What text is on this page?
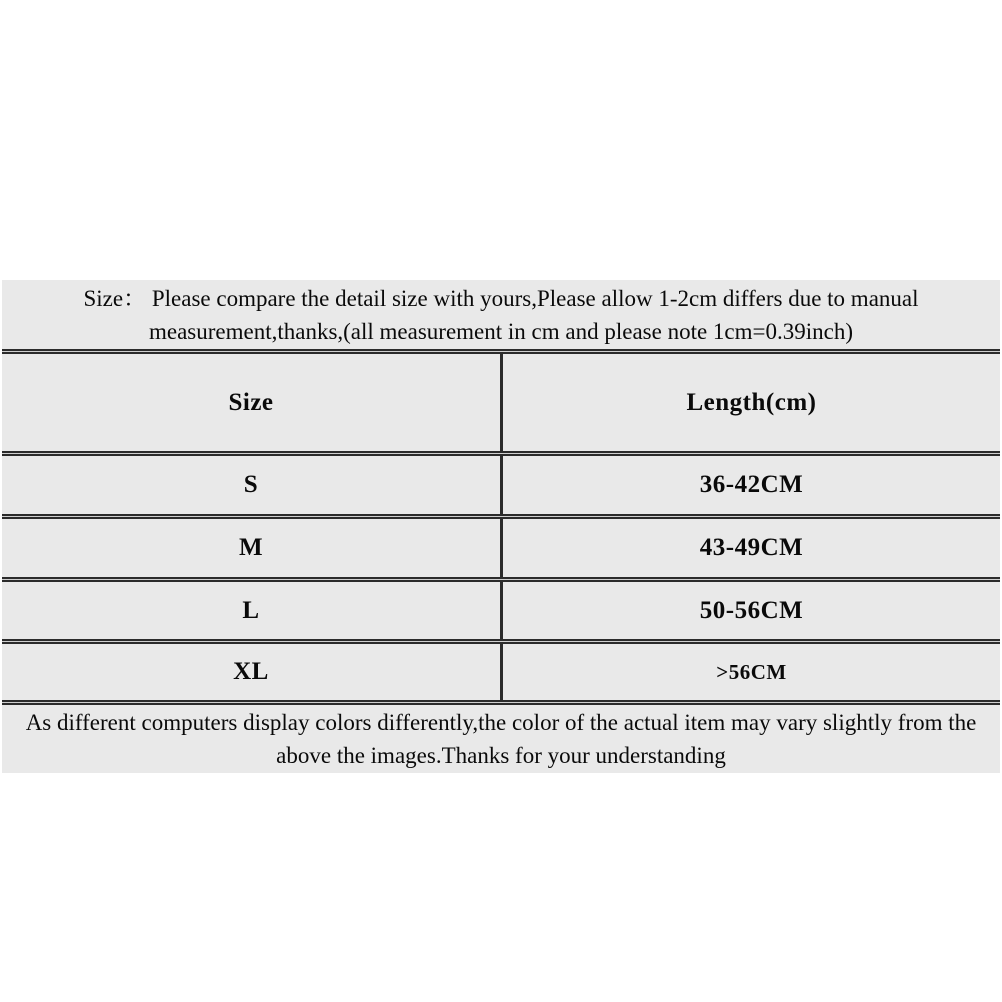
Size： Please compare the detail size with yours,Please allow 1-2cm differs due to manual
measurement,thanks,(all measurement in cm and please note 1cm=0.39inch)
Size	Length(cm)
S	36-42CM
M	43-49CM
L	50-56CM
XL	>56CM
As different computers display colors differently,the color of the actual item may vary slightly from the
above the images.Thanks for your understanding
